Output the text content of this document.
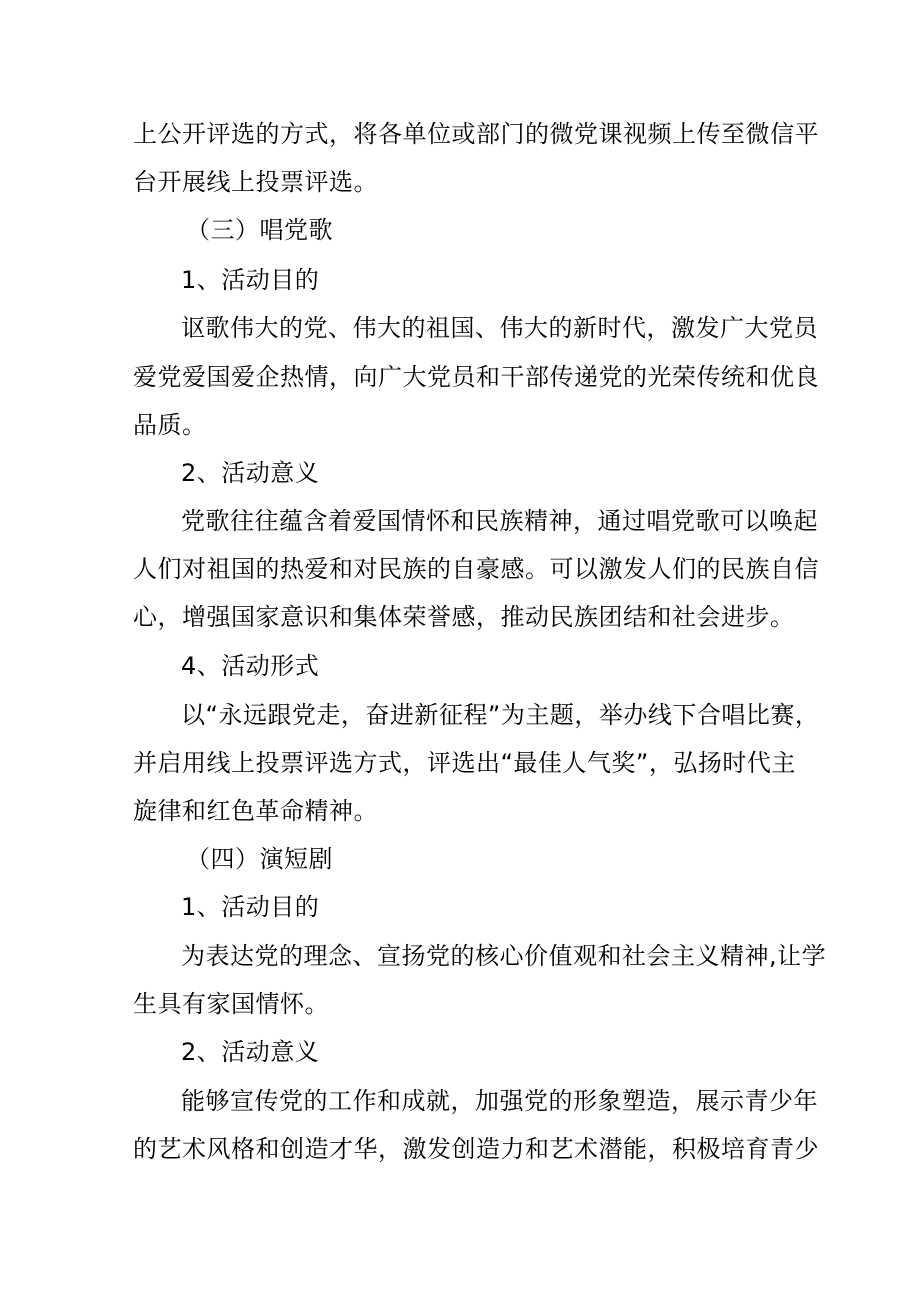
上公开评选的方式，将各单位或部门的微党课视频上传至微信平
台开展线上投票评选。
（三）唱党歌
1、活动目的
讴歌伟大的党、伟大的祖国、伟大的新时代，激发广大党员
爱党爱国爱企热情，向广大党员和干部传递党的光荣传统和优良
品质。
2、活动意义
党歌往往蕴含着爱国情怀和民族精神，通过唱党歌可以唤起
人们对祖国的热爱和对民族的自豪感。可以激发人们的民族自信
心，增强国家意识和集体荣誉感，推动民族团结和社会进步。
4、活动形式
以“永远跟党走，奋进新征程”为主题，举办线下合唱比赛，
并启用线上投票评选方式，评选出“最佳人气奖”，弘扬时代主
旋律和红色革命精神。
（四）演短剧
1、活动目的
为表达党的理念、宣扬党的核心价值观和社会主义精神,让学
生具有家国情怀。
2、活动意义
能够宣传党的工作和成就，加强党的形象塑造，展示青少年
的艺术风格和创造才华，激发创造力和艺术潜能，积极培育青少
